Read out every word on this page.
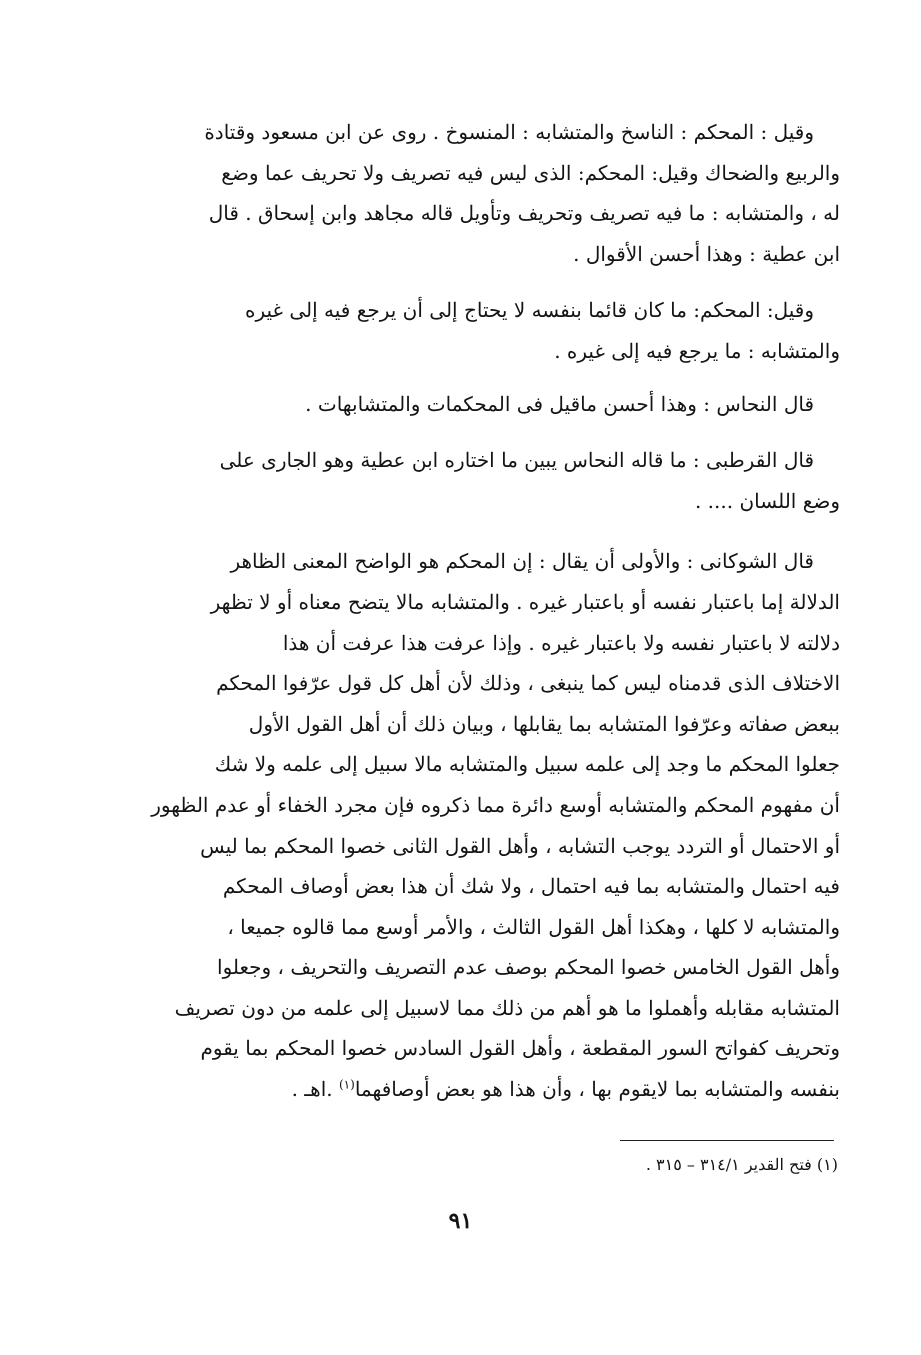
وقيل : المحكم : الناسخ والمتشابه : المنسوخ . روى عن ابن مسعود وقتادة
والربيع والضحاك وقيل: المحكم: الذى ليس فيه تصريف ولا تحريف عما وضع
له ، والمتشابه : ما فيه تصريف وتحريف وتأويل قاله مجاهد وابن إسحاق . قال
ابن عطية : وهذا أحسن الأقوال .

وقيل: المحكم: ما كان قائما بنفسه لا يحتاج إلى أن يرجع فيه إلى غيره
والمتشابه : ما يرجع فيه إلى غيره .

قال النحاس : وهذا أحسن ماقيل فى المحكمات والمتشابهات .

قال القرطبى : ما قاله النحاس يبين ما اختاره ابن عطية وهو الجارى على
وضع اللسان .... .

قال الشوكانى : والأولى أن يقال : إن المحكم هو الواضح المعنى الظاهر
الدلالة إما باعتبار نفسه أو باعتبار غيره . والمتشابه مالا يتضح معناه أو لا تظهر
دلالته لا باعتبار نفسه ولا باعتبار غيره . وإذا عرفت هذا عرفت أن هذا
الاختلاف الذى قدمناه ليس كما ينبغى ، وذلك لأن أهل كل قول عرّفوا المحكم
ببعض صفاته وعرّفوا المتشابه بما يقابلها ، وبيان ذلك أن أهل القول الأول
جعلوا المحكم ما وجد إلى علمه سبيل والمتشابه مالا سبيل إلى علمه ولا شك
أن مفهوم المحكم والمتشابه أوسع دائرة مما ذكروه فإن مجرد الخفاء أو عدم الظهور
أو الاحتمال أو التردد يوجب التشابه ، وأهل القول الثانى خصوا المحكم بما ليس
فيه احتمال والمتشابه بما فيه احتمال ، ولا شك أن هذا بعض أوصاف المحكم
والمتشابه لا كلها ، وهكذا أهل القول الثالث ، والأمر أوسع مما قالوه جميعا ،
وأهل القول الخامس خصوا المحكم بوصف عدم التصريف والتحريف ، وجعلوا
المتشابه مقابله وأهملوا ما هو أهم من ذلك مما لاسبيل إلى علمه من دون تصريف
وتحريف كفواتح السور المقطعة ، وأهل القول السادس خصوا المحكم بما يقوم
بنفسه والمتشابه بما لايقوم بها ، وأن هذا هو بعض أوصافهما$^{(١)}$ .اهـ .

(١) فتح القدير ٣١٤/١ – ٣١٥ .
٩١
